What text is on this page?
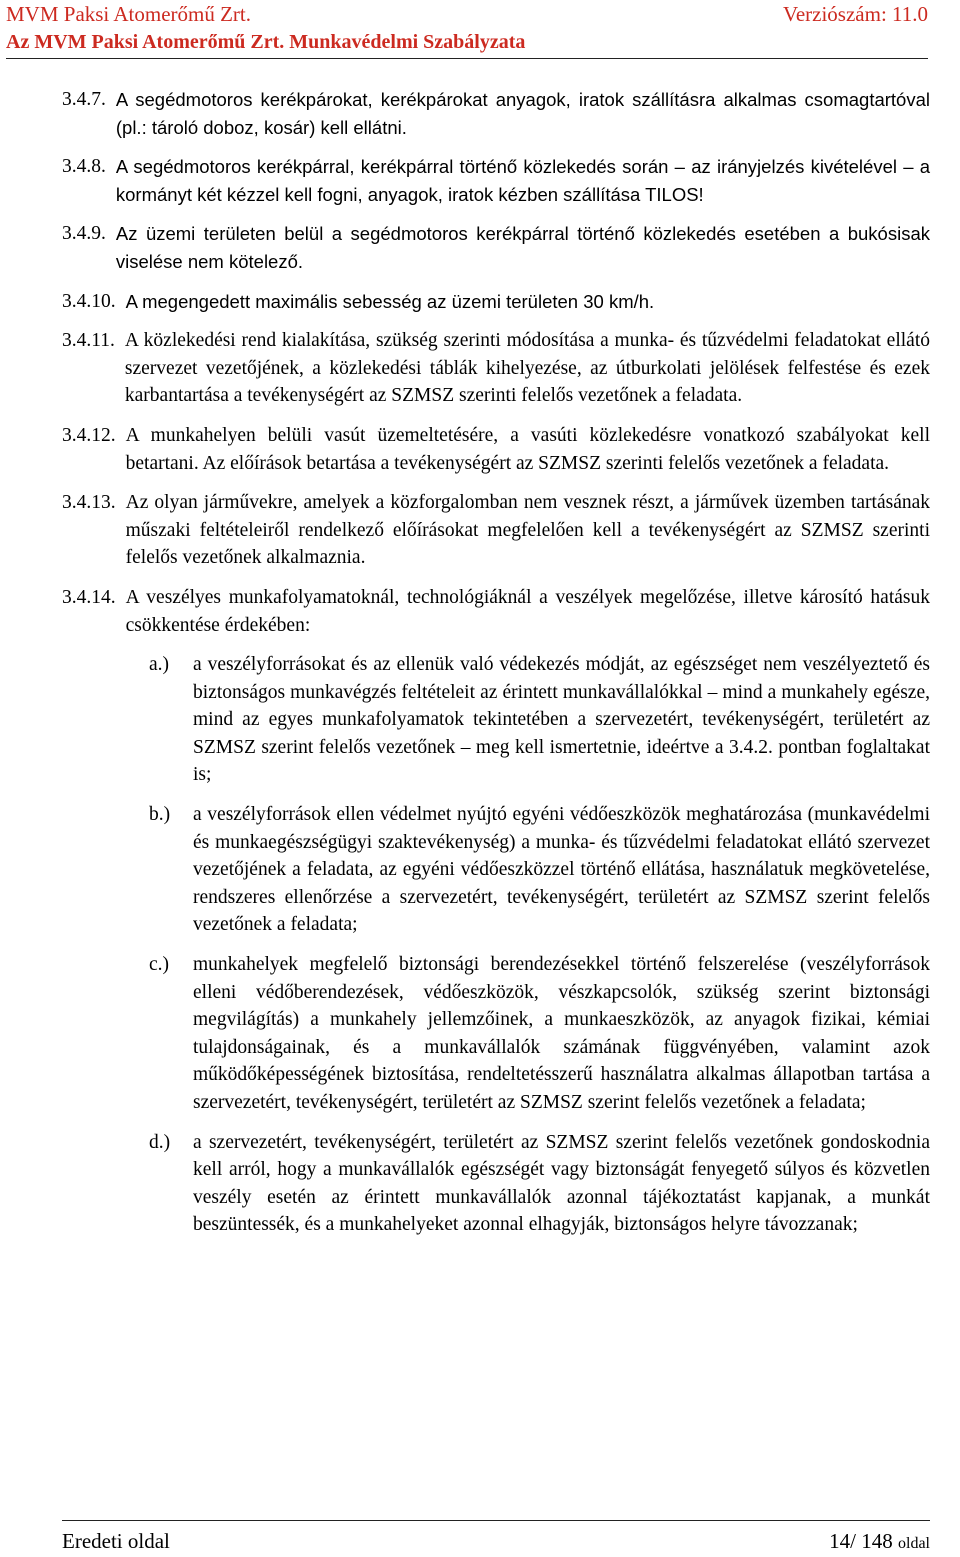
MVM Paksi Atomerőmű Zrt.	Verziószám: 11.0
Az MVM Paksi Atomerőmű Zrt. Munkavédelmi Szabályzata
3.4.7. A segédmotoros kerékpárokat, kerékpárokat anyagok, iratok szállításra alkalmas csomagtartóval (pl.: tároló doboz, kosár) kell ellátni.
3.4.8. A segédmotoros kerékpárral, kerékpárral történő közlekedés során – az irányjelzés kivételével – a kormányt két kézzel kell fogni, anyagok, iratok kézben szállítása TILOS!
3.4.9. Az üzemi területen belül a segédmotoros kerékpárral történő közlekedés esetében a bukósisak viselése nem kötelező.
3.4.10. A megengedett maximális sebesség az üzemi területen 30 km/h.
3.4.11. A közlekedési rend kialakítása, szükség szerinti módosítása a munka- és tűzvédelmi feladatokat ellátó szervezet vezetőjének, a közlekedési táblák kihelyezése, az útburkolati jelölések felfestése és ezek karbantartása a tevékenységért az SZMSZ szerinti felelős vezetőnek a feladata.
3.4.12. A munkahelyen belüli vasút üzemeltetésére, a vasúti közlekedésre vonatkozó szabályokat kell betartani. Az előírások betartása a tevékenységért az SZMSZ szerinti felelős vezetőnek a feladata.
3.4.13. Az olyan járművekre, amelyek a közforgalomban nem vesznek részt, a járművek üzemben tartásának műszaki feltételeiről rendelkező előírásokat megfelelően kell a tevékenységért az SZMSZ szerinti felelős vezetőnek alkalmaznia.
3.4.14. A veszélyes munkafolyamatoknál, technológiáknál a veszélyek megelőzése, illetve károsító hatásuk csökkentése érdekében:
a.)	a veszélyforrásokat és az ellenük való védekezés módját, az egészséget nem veszélyeztető és biztonságos munkavégzés feltételeit az érintett munkavállalókkal – mind a munkahely egésze, mind az egyes munkafolyamatok tekintetében a szervezetért, tevékenységért, területért az SZMSZ szerint felelős vezetőnek – meg kell ismertetnie, ideértve a 3.4.2. pontban foglaltakat is;
b.)	a veszélyforrások ellen védelmet nyújtó egyéni védőeszközök meghatározása (munkavédelmi és munkaegészségügyi szaktevékenység) a munka- és tűzvédelmi feladatokat ellátó szervezet vezetőjének a feladata, az egyéni védőeszközzel történő ellátása, használatuk megkövetelése, rendszeres ellenőrzése a szervezetért, tevékenységért, területért az SZMSZ szerint felelős vezetőnek a feladata;
c.)	munkahelyek megfelelő biztonsági berendezésekkel történő felszerelése (veszélyforrások elleni védőberendezések, védőeszközök, vészkapcsolók, szükség szerint biztonsági megvilágítás) a munkahely jellemzőinek, a munkaeszközök, az anyagok fizikai, kémiai tulajdonságainak, és a munkavállalók számának függvényében, valamint azok működőképességének biztosítása, rendeltetésszerű használatra alkalmas állapotban tartása a szervezetért, tevékenységért, területért az SZMSZ szerint felelős vezetőnek a feladata;
d.)	a szervezetért, tevékenységért, területért az SZMSZ szerint felelős vezetőnek gondoskodnia kell arról, hogy a munkavállalók egészségét vagy biztonságát fenyegető súlyos és közvetlen veszély esetén az érintett munkavállalók azonnal tájékoztatást kapjanak, a munkát beszüntessék, és a munkahelyeket azonnal elhagyják, biztonságos helyre távozzanak;
Eredeti oldal	14/ 148 oldal
